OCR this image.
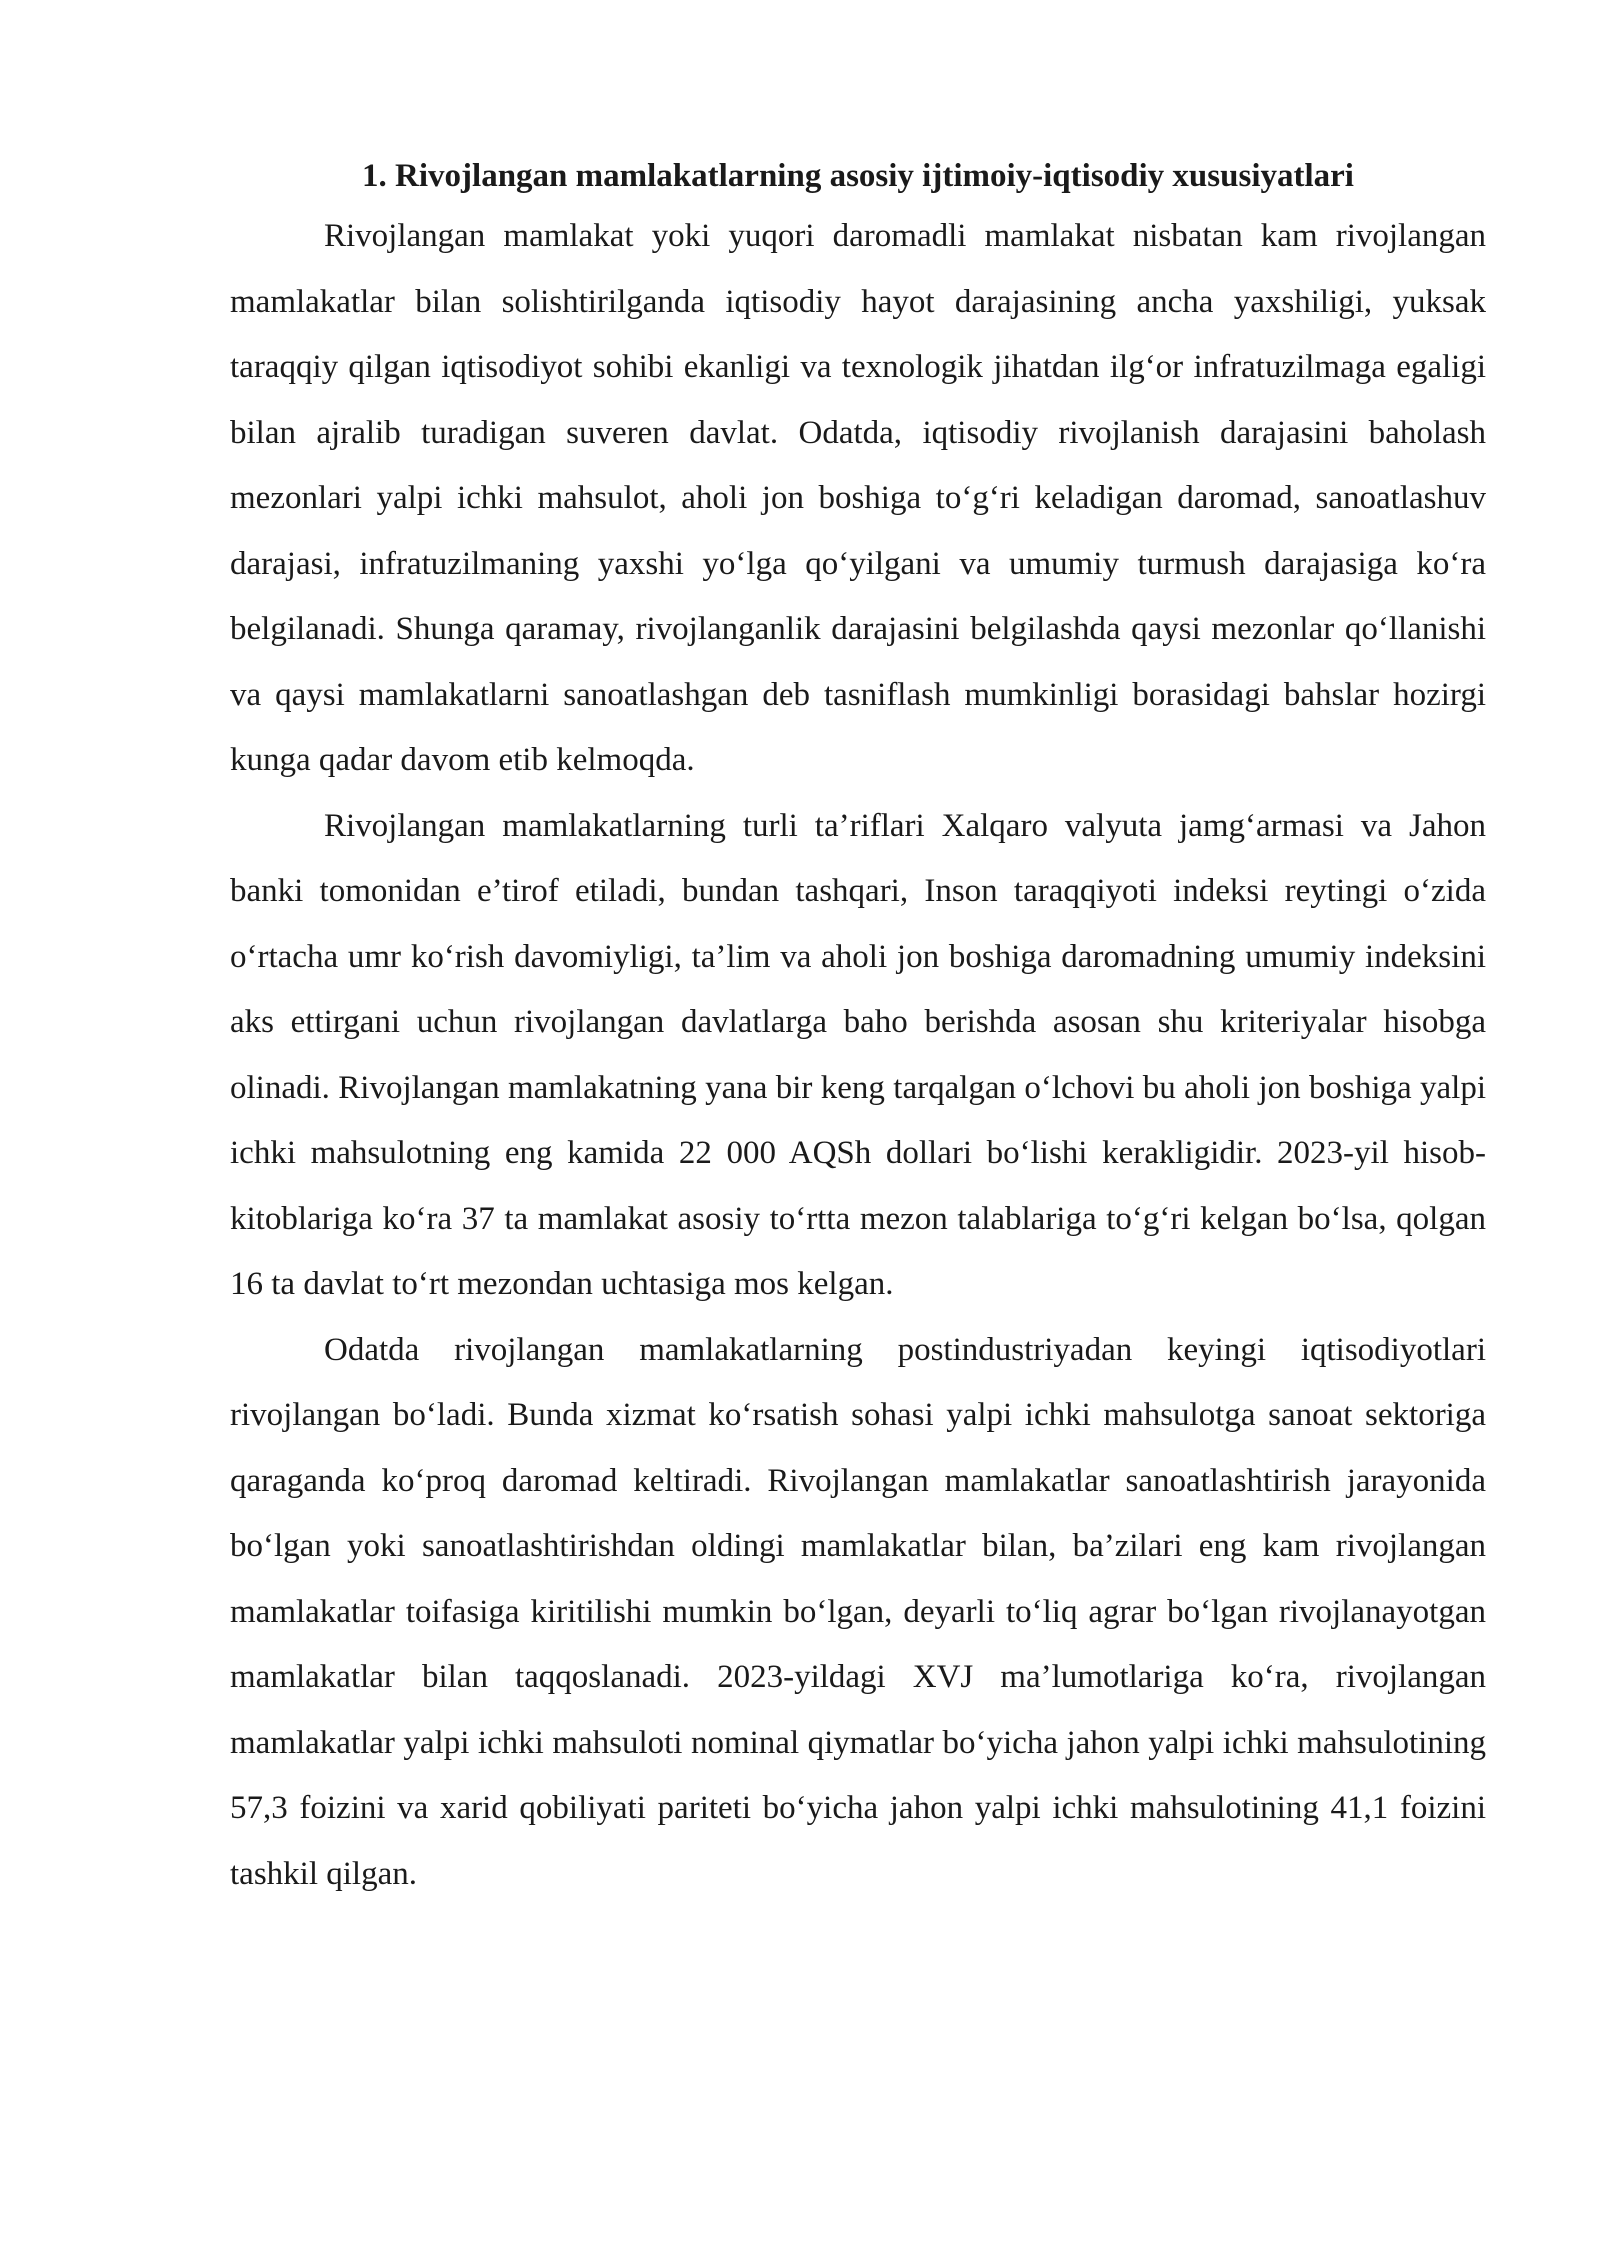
1. Rivojlangan mamlakatlarning asosiy ijtimoiy-iqtisodiy xususiyatlari

Rivojlangan mamlakat yoki yuqori daromadli mamlakat nisbatan kam rivojlangan mamlakatlar bilan solishtirilganda iqtisodiy hayot darajasining ancha yaxshiligi, yuksak taraqqiy qilgan iqtisodiyot sohibi ekanligi va texnologik jihatdan ilg‘or infratuzilmaga egaligi bilan ajralib turadigan suveren davlat. Odatda, iqtisodiy rivojlanish darajasini baholash mezonlari yalpi ichki mahsulot, aholi jon boshiga to‘g‘ri keladigan daromad, sanoatlashuv darajasi, infratuzilmaning yaxshi yo‘lga qo‘yilgani va umumiy turmush darajasiga ko‘ra belgilanadi. Shunga qaramay, rivojlanganlik darajasini belgilashda qaysi mezonlar qo‘llanishi va qaysi mamlakatlarni sanoatlashgan deb tasniflash mumkinligi borasidagi bahslar hozirgi kunga qadar davom etib kelmoqda.

Rivojlangan mamlakatlarning turli ta’riflari Xalqaro valyuta jamg‘armasi va Jahon banki tomonidan e’tirof etiladi, bundan tashqari, Inson taraqqiyoti indeksi reytingi o‘zida o‘rtacha umr ko‘rish davomiyligi, ta’lim va aholi jon boshiga daromadning umumiy indeksini aks ettirgani uchun rivojlangan davlatlarga baho berishda asosan shu kriteriyalar hisobga olinadi. Rivojlangan mamlakatning yana bir keng tarqalgan o‘lchovi bu aholi jon boshiga yalpi ichki mahsulotning eng kamida 22 000 AQSh dollari bo‘lishi kerakligidir. 2023-yil hisob-kitoblariga ko‘ra 37 ta mamlakat asosiy to‘rtta mezon talablariga to‘g‘ri kelgan bo‘lsa, qolgan 16 ta davlat to‘rt mezondan uchtasiga mos kelgan.

Odatda rivojlangan mamlakatlarning postindustriyadan keyingi iqtisodiyotlari rivojlangan bo‘ladi. Bunda xizmat ko‘rsatish sohasi yalpi ichki mahsulotga sanoat sektoriga qaraganda ko‘proq daromad keltiradi. Rivojlangan mamlakatlar sanoatlashtirish jarayonida bo‘lgan yoki sanoatlashtirishdan oldingi mamlakatlar bilan, ba’zilari eng kam rivojlangan mamlakatlar toifasiga kiritilishi mumkin bo‘lgan, deyarli to‘liq agrar bo‘lgan rivojlanayotgan mamlakatlar bilan taqqoslanadi. 2023-yildagi XVJ ma’lumotlariga ko‘ra, rivojlangan mamlakatlar yalpi ichki mahsuloti nominal qiymatlar bo‘yicha jahon yalpi ichki mahsulotining 57,3 foizini va xarid qobiliyati pariteti bo‘yicha jahon yalpi ichki mahsulotining 41,1 foizini tashkil qilgan.
